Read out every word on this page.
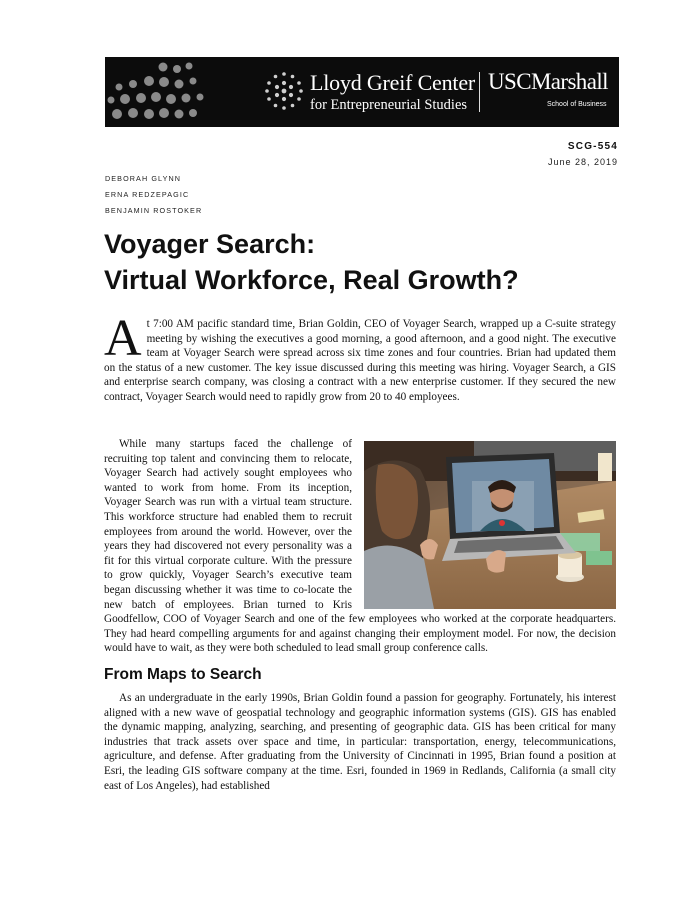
Lloyd Greif Center
for Entrepreneurial Studies
USCMarshall
School of Business
SCG-554
June 28, 2019
DEBORAH GLYNN
ERNA REDZEPAGIC
BENJAMIN ROSTOKER
Voyager Search:
Virtual Workforce, Real Growth?

At 7:00 AM pacific standard time, Brian Goldin, CEO of Voyager Search, wrapped up a C-suite strategy meeting by wishing the executives a good morning, a good afternoon, and a good night. The executive team at Voyager Search were spread across six time zones and four countries. Brian had updated them on the status of a new customer. The key issue discussed during this meeting was hiring. Voyager Search, a GIS and enterprise search company, was closing a contract with a new enterprise customer. If they secured the new contract, Voyager Search would need to rapidly grow from 20 to 40 employees.

While many startups faced the challenge of recruiting top talent and convincing them to relocate, Voyager Search had actively sought employees who wanted to work from home. From its inception, Voyager Search was run with a virtual team structure. This workforce structure had enabled them to recruit employees from around the world. However, over the years they had discovered not every personality was a fit for this virtual corporate culture. With the pressure to grow quickly, Voyager Search’s executive team began discussing whether it was time to co-locate the new batch of employees. Brian turned to Kris Goodfellow, COO of Voyager Search and one of the few employees who worked at the corporate headquarters. They had heard compelling arguments for and against changing their employment model. For now, the decision would have to wait, as they were both scheduled to lead small group conference calls.

From Maps to Search

As an undergraduate in the early 1990s, Brian Goldin found a passion for geography. Fortunately, his interest aligned with a new wave of geospatial technology and geographic information systems (GIS). GIS has enabled the dynamic mapping, analyzing, searching, and presenting of geographic data. GIS has been critical for many industries that track assets over space and time, in particular: transportation, energy, telecommunications, agriculture, and defense. After graduating from the University of Cincinnati in 1995, Brian found a position at Esri, the leading GIS software company at the time. Esri, founded in 1969 in Redlands, California (a small city east of Los Angeles), had established
